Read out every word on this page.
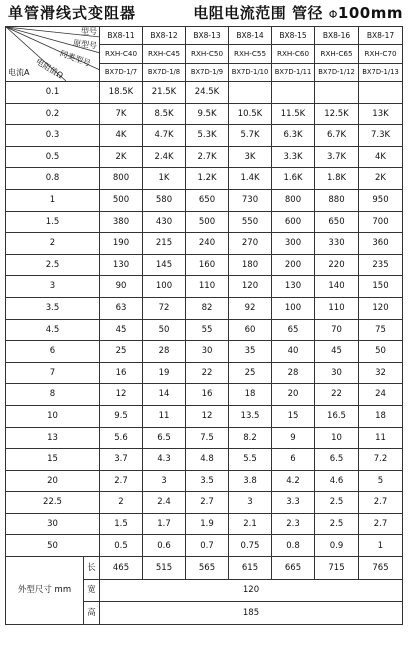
单管滑线式变阻器	电阻电流范围 管径 Φ100mm
型号
原型号
同类型号
电阻值Ω
电流A		BX8-11	BX8-12	BX8-13	BX8-14	BX8-15	BX8-16	BX8-17
		RXH-C40	RXH-C45	RXH-C50	RXH-C55	RXH-C60	RXH-C65	RXH-C70
		BX7D-1/7	BX7D-1/8	BX7D-1/9	BX7D-1/10	BX7D-1/11	BX7D-1/12	BX7D-1/13
0.1		18.5K	21.5K	24.5K				
0.2		7K	8.5K	9.5K	10.5K	11.5K	12.5K	13K
0.3		4K	4.7K	5.3K	5.7K	6.3K	6.7K	7.3K
0.5		2K	2.4K	2.7K	3K	3.3K	3.7K	4K
0.8		800	1K	1.2K	1.4K	1.6K	1.8K	2K
1		500	580	650	730	800	880	950
1.5		380	430	500	550	600	650	700
2		190	215	240	270	300	330	360
2.5		130	145	160	180	200	220	235
3		90	100	110	120	130	140	150
3.5		63	72	82	92	100	110	120
4.5		45	50	55	60	65	70	75
6		25	28	30	35	40	45	50
7		16	19	22	25	28	30	32
8		12	14	16	18	20	22	24
10		9.5	11	12	13.5	15	16.5	18
13		5.6	6.5	7.5	8.2	9	10	11
15		3.7	4.3	4.8	5.5	6	6.5	7.2
20		2.7	3	3.5	3.8	4.2	4.6	5
22.5		2	2.4	2.7	3	3.3	2.5	2.7
30		1.5	1.7	1.9	2.1	2.3	2.5	2.7
50		0.5	0.6	0.7	0.75	0.8	0.9	1
外型尺寸 mm	长	465	515	565	615	665	715	765
	宽	120						
	高	185						
